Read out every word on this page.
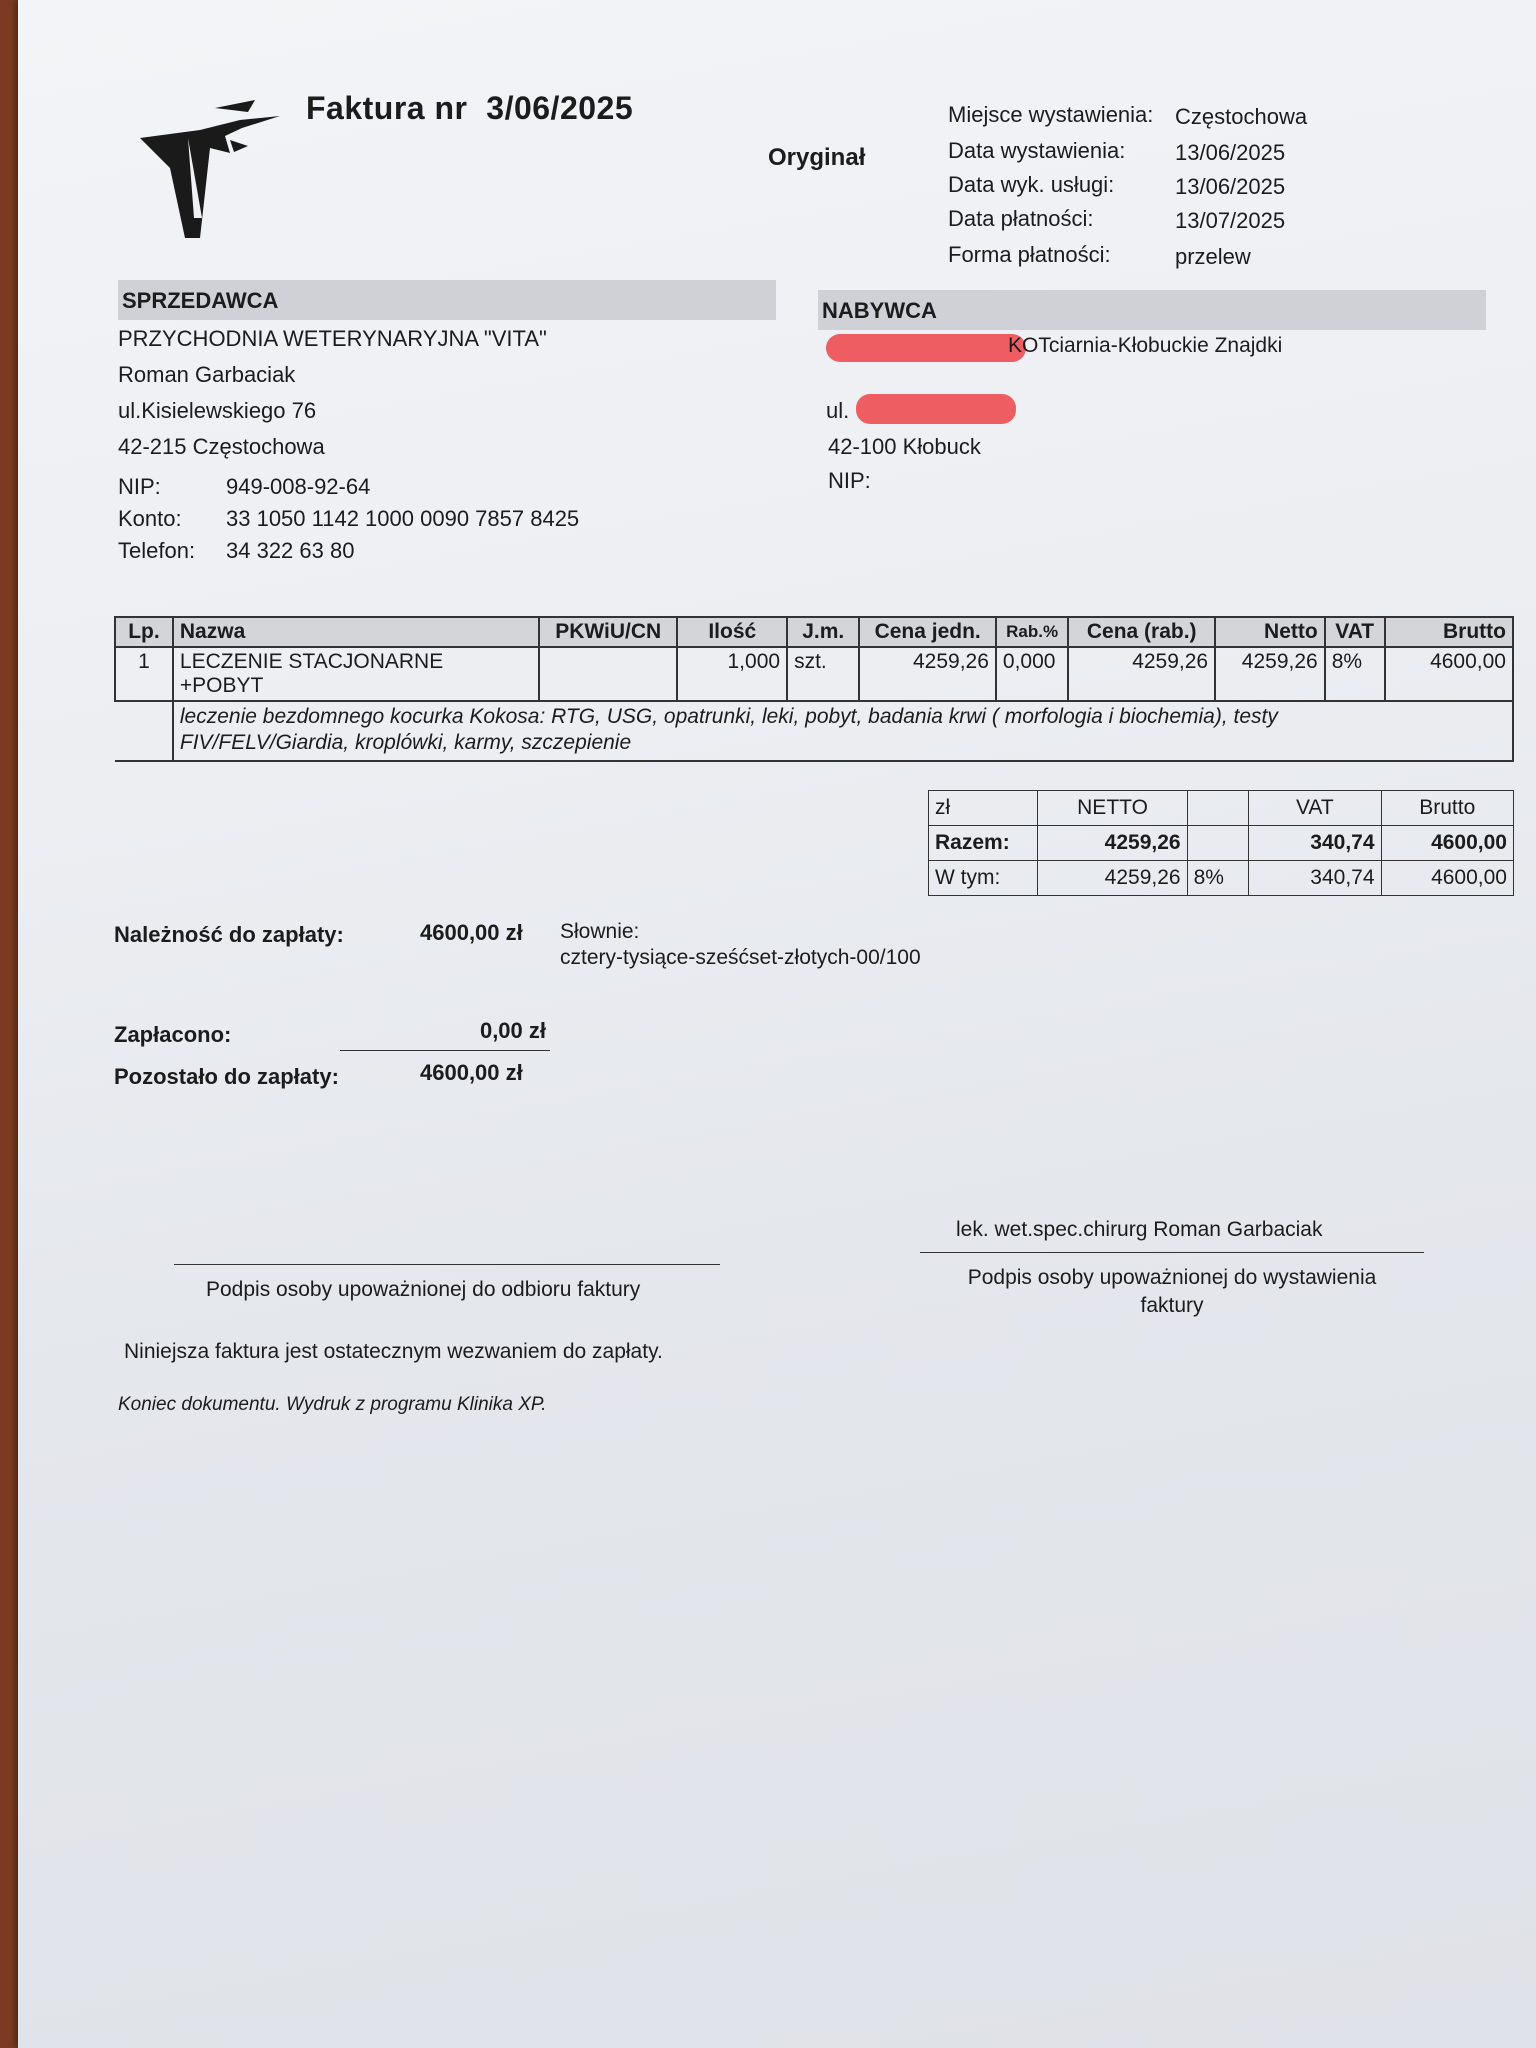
Faktura nr 3/06/2025
Oryginał
Miejsce wystawienia: Częstochowa
Data wystawienia: 13/06/2025
Data wyk. usługi:	13/06/2025
Data płatności:	13/07/2025
Forma płatności:	przelew
SPRZEDAWCA
PRZYCHODNIA WETERYNARYJNA "VITA"
Roman Garbaciak
ul.Kisielewskiego 76
42-215 Częstochowa
NIP:	949-008-92-64
Konto: 33 1050 1142 1000 0090 7857 8425
Telefon: 34 322 63 80
NABYWCA
KOTciarnia-Kłobuckie Znajdki
ul.
42-100 Kłobuck
NIP:
Lp.	Nazwa	PKWiU/CN	Ilość	J.m.	Cena jedn.	Rab.%	Cena (rab.)	Netto	VAT	Brutto
1	LECZENIE STACJONARNE
+POBYT		1,000	szt.	4259,26	0,000	4259,26	4259,26	8%	4600,00

	leczenie bezdomnego kocurka Kokosa: RTG, USG, opatrunki, leki, pobyt, badania krwi ( morfologia i biochemia), testy
FIV/FELV/Giardia, kroplówki, karmy, szczepienie									
zł	NETTO		VAT	Brutto
Razem:	4259,26		340,74	4600,00
W tym:	4259,26	8%	340,74	4600,00
Należność do zapłaty:	4600,00 zł Słownie:
cztery-tysiące-sześćset-złotych-00/100
Zapłacono:	0,00 zł
Pozostało do zapłaty:	4600,00 zł
lek. wet.spec.chirurg Roman Garbaciak
Podpis osoby upoważnionej do wystawienia
faktury
Podpis osoby upoważnionej do odbioru faktury
Niniejsza faktura jest ostatecznym wezwaniem do zapłaty.
Koniec dokumentu. Wydruk z programu Klinika XP.
